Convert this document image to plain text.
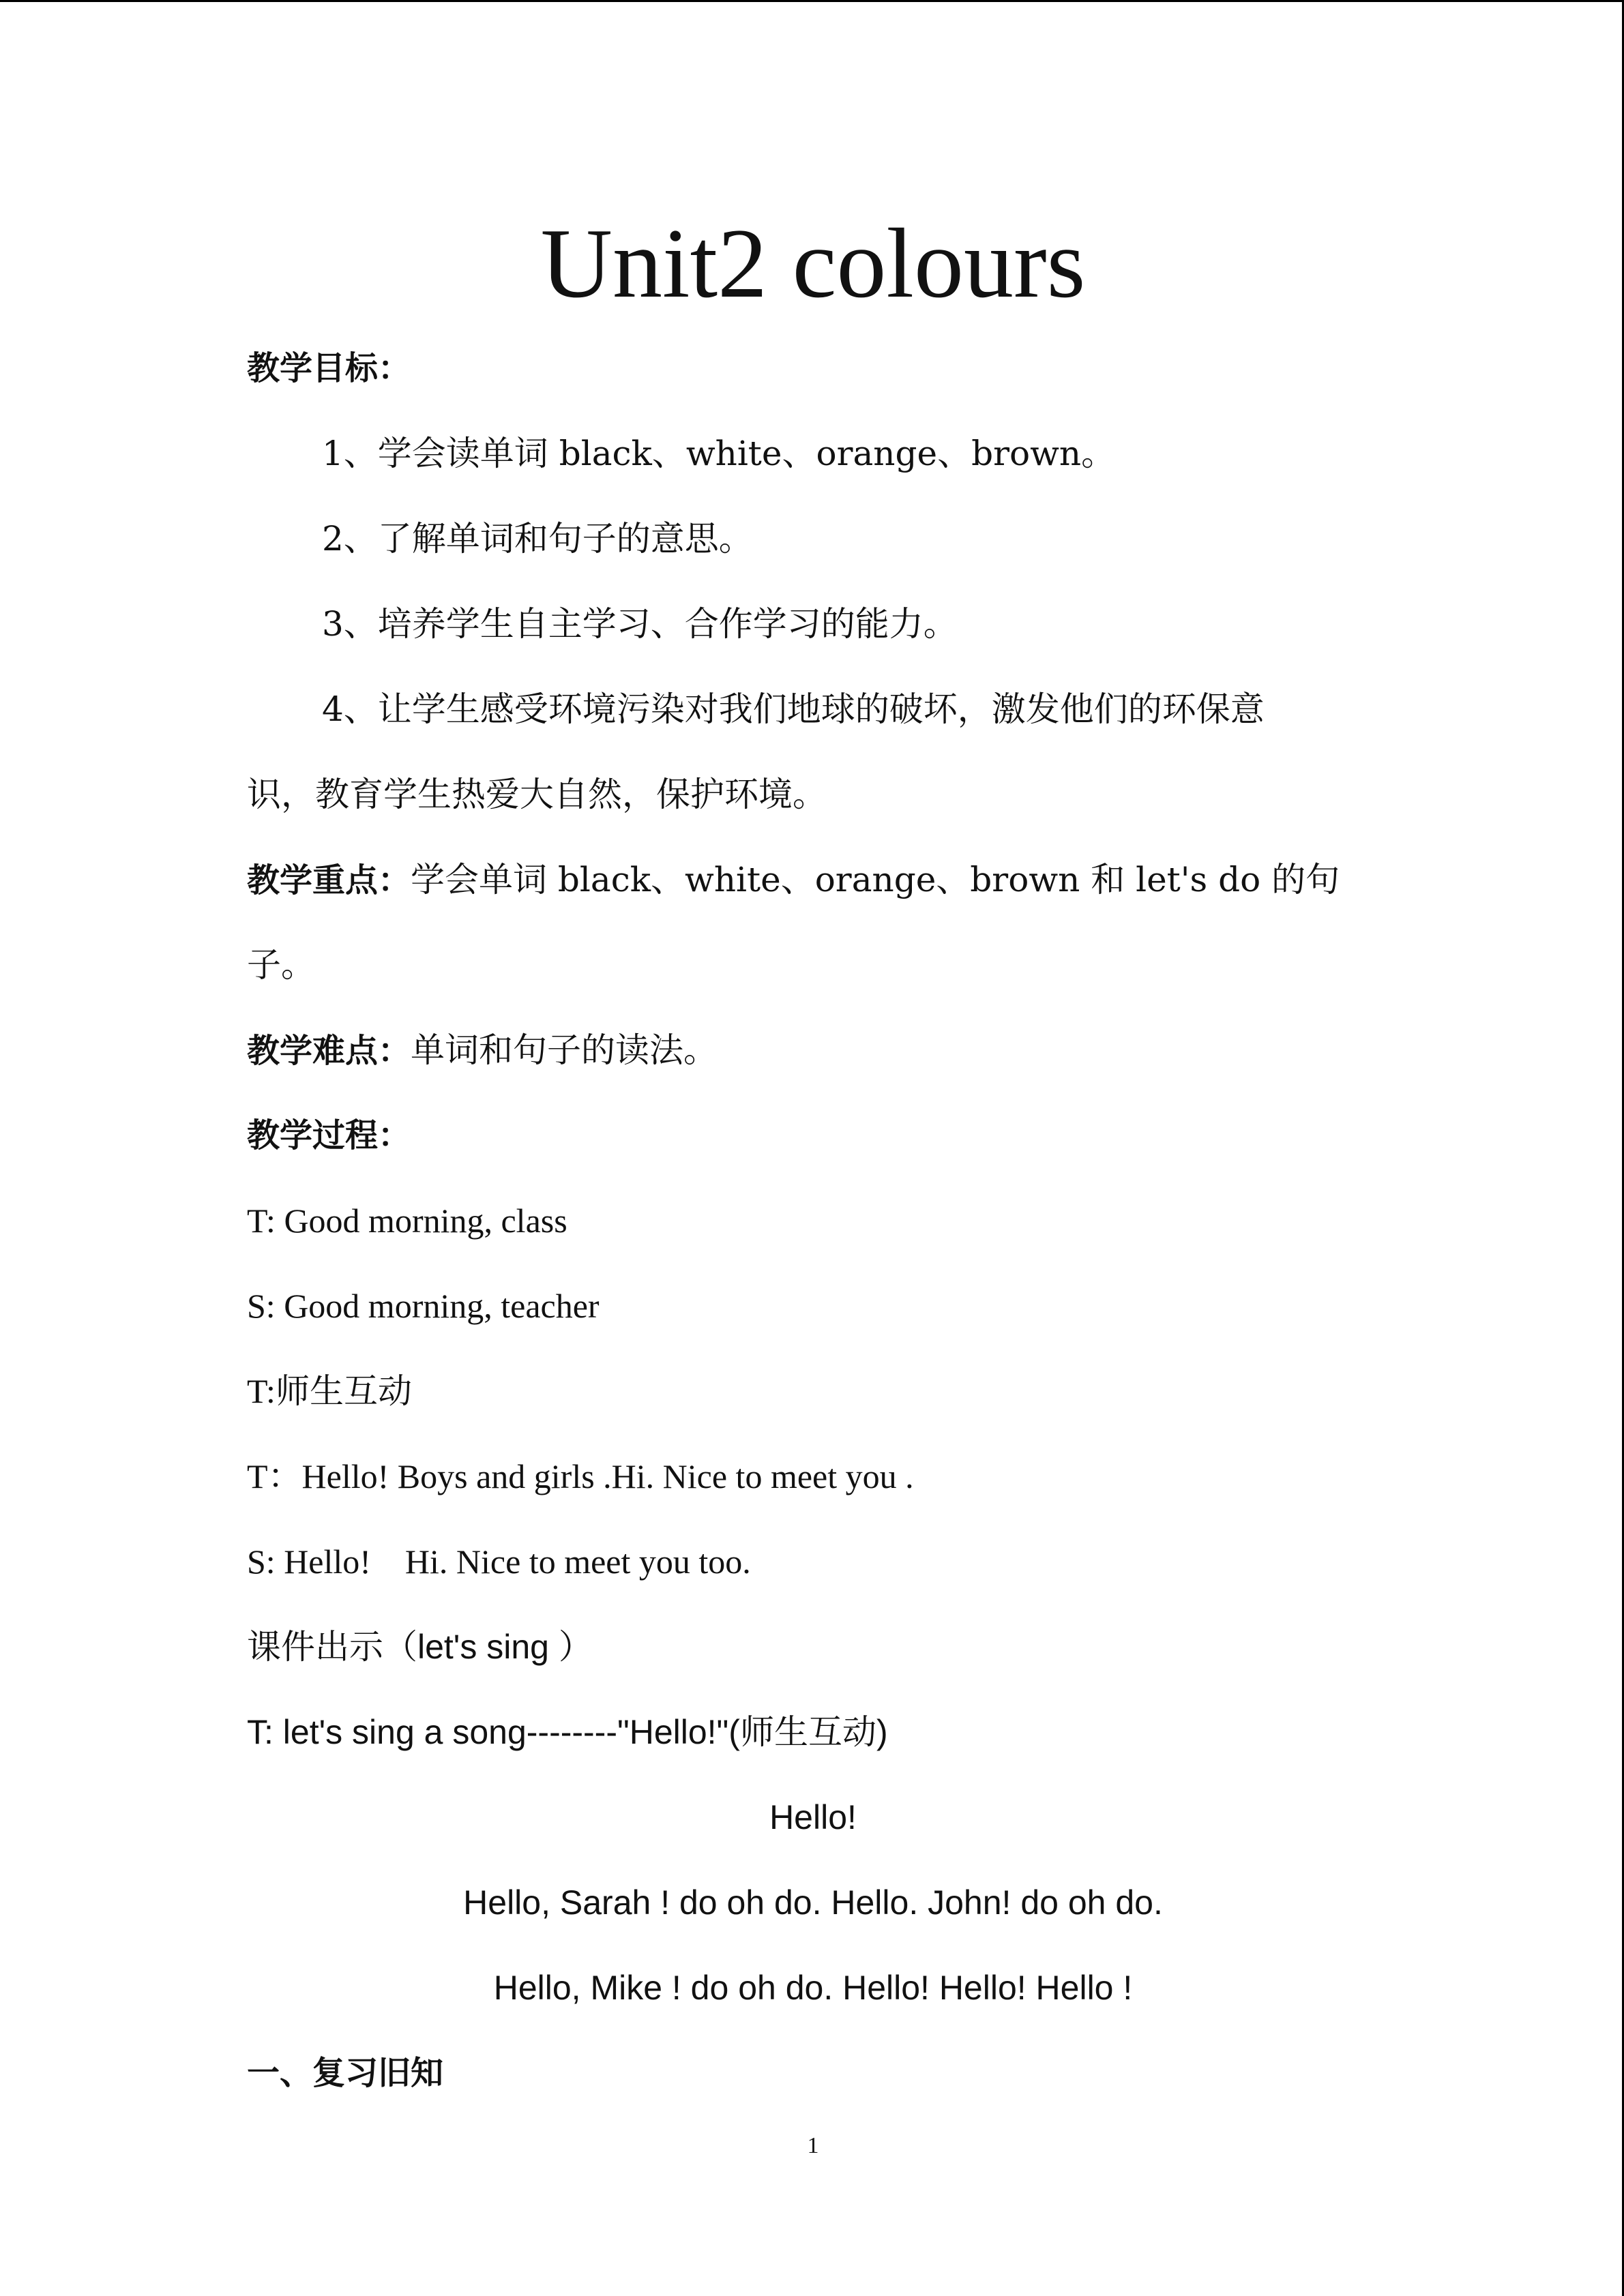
Unit2 colours
教学目标：
1、学会读单词 black、white、orange、brown。
2、了解单词和句子的意思。
3、培养学生自主学习、合作学习的能力。
4、让学生感受环境污染对我们地球的破坏，激发他们的环保意
识，教育学生热爱大自然，保护环境。
教学重点：学会单词 black、white、orange、brown 和 let's do 的句
子。
教学难点：单词和句子的读法。
教学过程：
T: Good morning, class
S: Good morning, teacher
T:师生互动
T：Hello! Boys and girls .Hi. Nice to meet you .
S: Hello!    Hi. Nice to meet you too.
课件出示（let's sing ）
T: let's sing a song--------"Hello!"(师生互动)
Hello!
Hello, Sarah ! do oh do. Hello. John! do oh do.
Hello, Mike ! do oh do. Hello! Hello! Hello !
一、复习旧知
1
